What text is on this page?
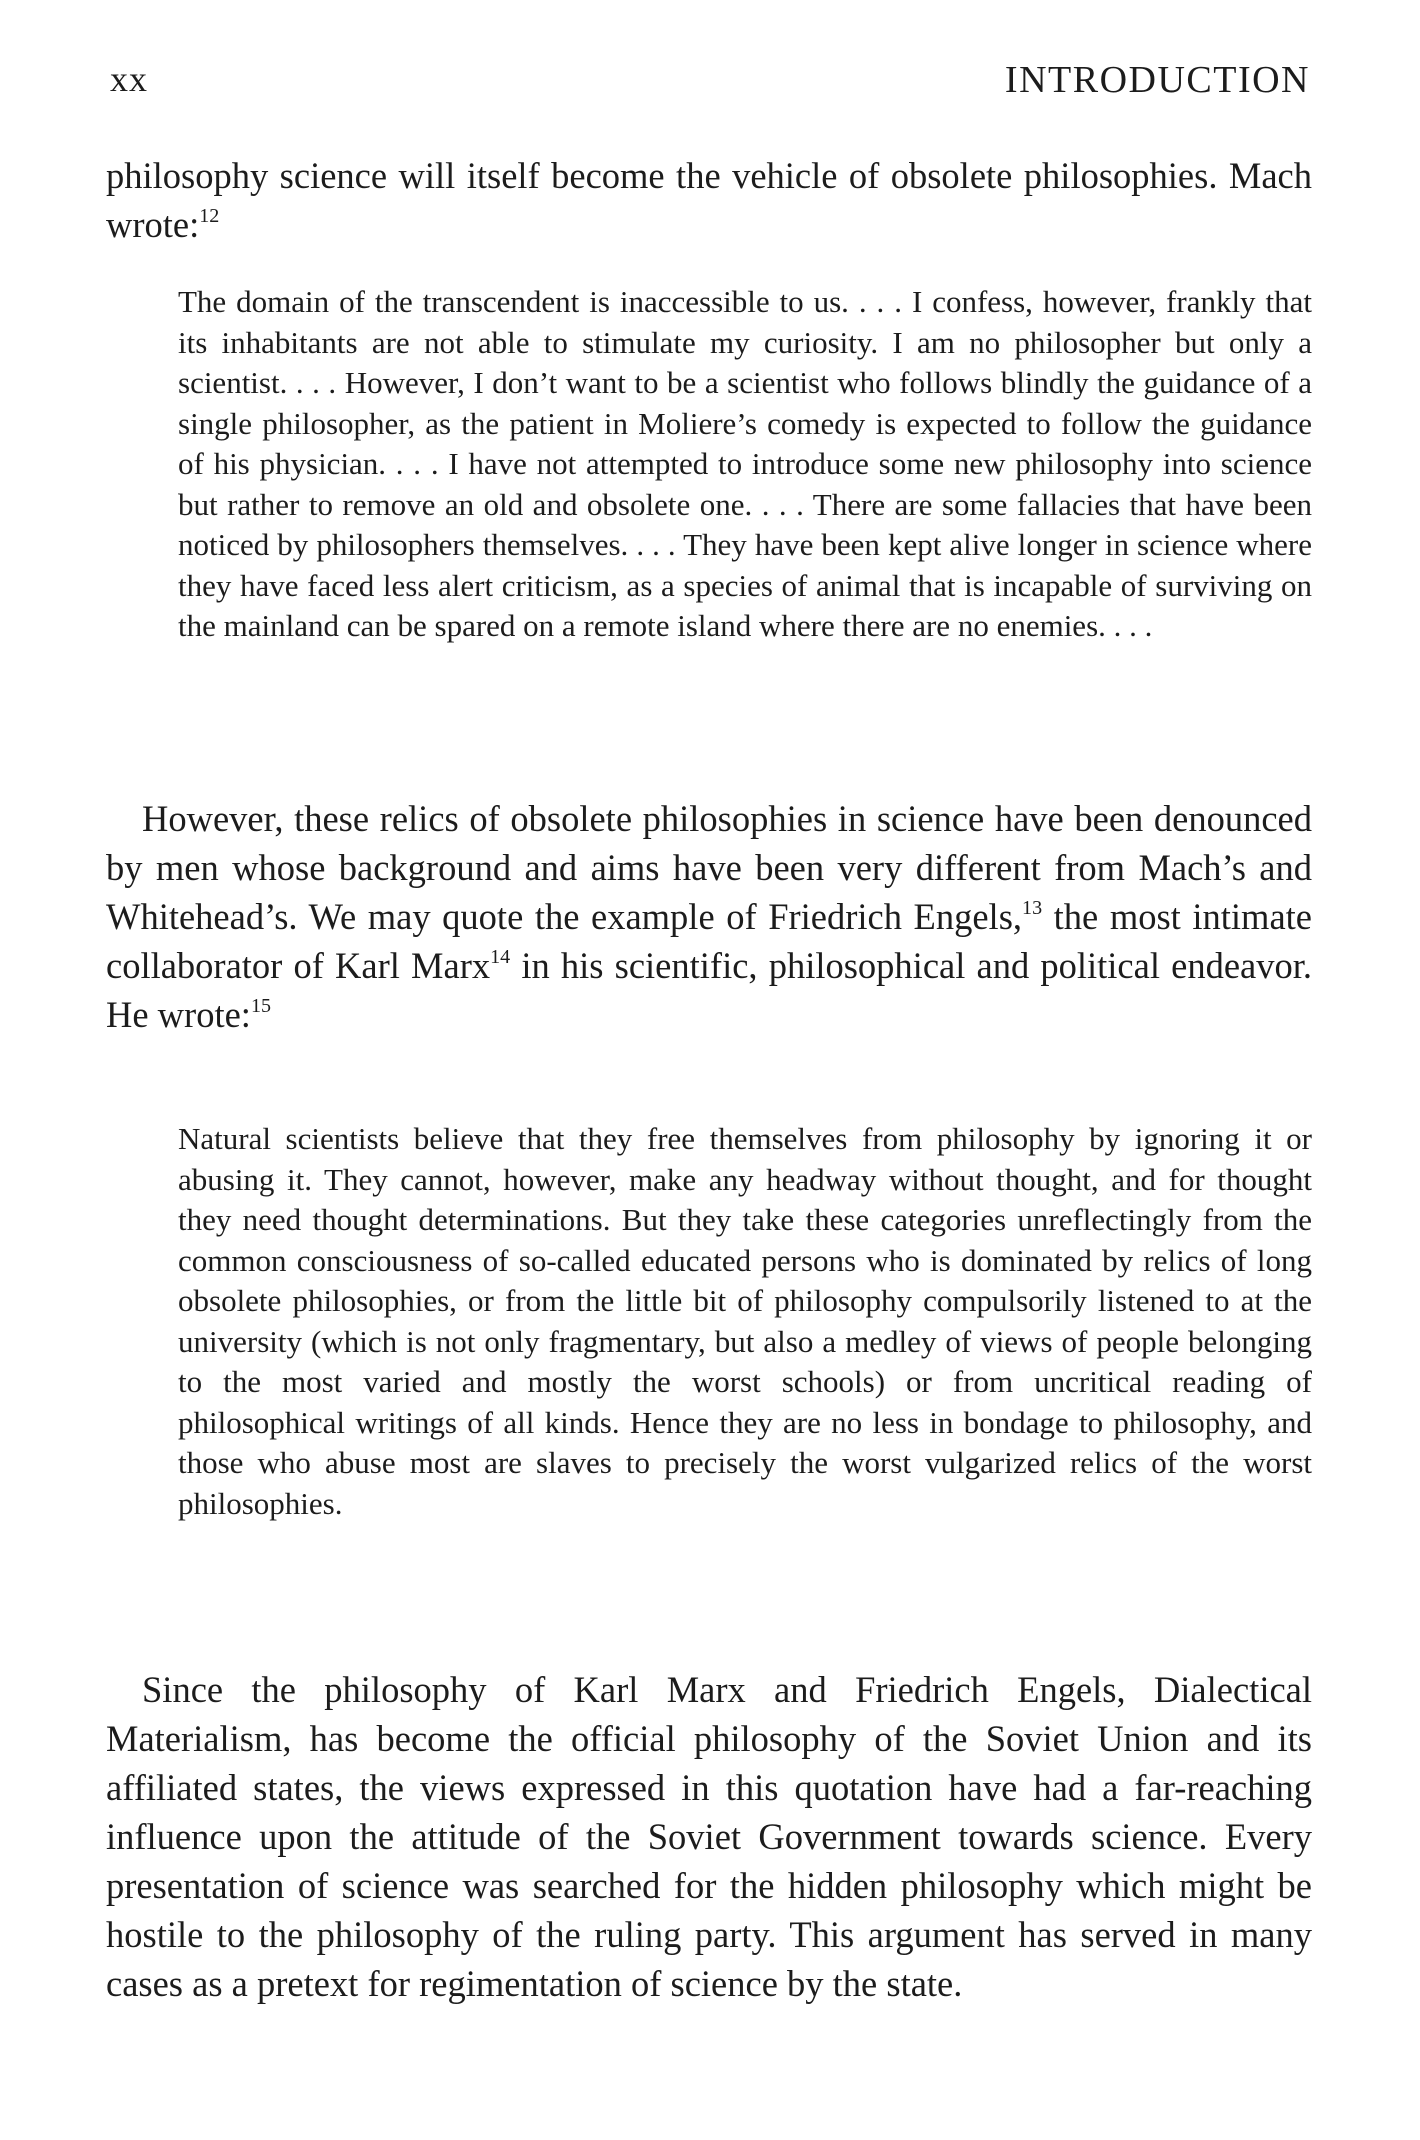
xx	INTRODUCTION

philosophy science will itself become the vehicle of obsolete philosophies. Mach wrote:$^{12}$

The domain of the transcendent is inaccessible to us. . . . I confess, however, frankly that its inhabitants are not able to stimulate my curiosity. I am no philosopher but only a scientist. . . . However, I don’t want to be a scientist who follows blindly the guidance of a single philosopher, as the patient in Moliere’s comedy is expected to follow the guidance of his physician. . . . I have not attempted to introduce some new philosophy into science but rather to remove an old and obsolete one. . . . There are some fallacies that have been noticed by philosophers themselves. . . . They have been kept alive longer in science where they have faced less alert criticism, as a species of animal that is incapable of surviving on the mainland can be spared on a remote island where there are no enemies. . . .

However, these relics of obsolete philosophies in science have been denounced by men whose background and aims have been very different from Mach’s and Whitehead’s. We may quote the example of Friedrich Engels,$^{13}$ the most intimate collaborator of Karl Marx$^{14}$ in his scientific, philosophical and political endeavor. He wrote:$^{15}$

Natural scientists believe that they free themselves from philosophy by ignoring it or abusing it. They cannot, however, make any headway without thought, and for thought they need thought determinations. But they take these categories unreflectingly from the common consciousness of so-called educated persons who is dominated by relics of long obsolete philosophies, or from the little bit of philosophy compulsorily listened to at the university (which is not only fragmentary, but also a medley of views of people belonging to the most varied and mostly the worst schools) or from uncritical reading of philosophical writings of all kinds. Hence they are no less in bondage to philosophy, and those who abuse most are slaves to precisely the worst vulgarized relics of the worst philosophies.

Since the philosophy of Karl Marx and Friedrich Engels, Dialectical Materialism, has become the official philosophy of the Soviet Union and its affiliated states, the views expressed in this quotation have had a far-reaching influence upon the attitude of the Soviet Government towards science. Every presentation of science was searched for the hidden philosophy which might be hostile to the philosophy of the ruling party. This argument has served in many cases as a pretext for regimentation of science by the state.
